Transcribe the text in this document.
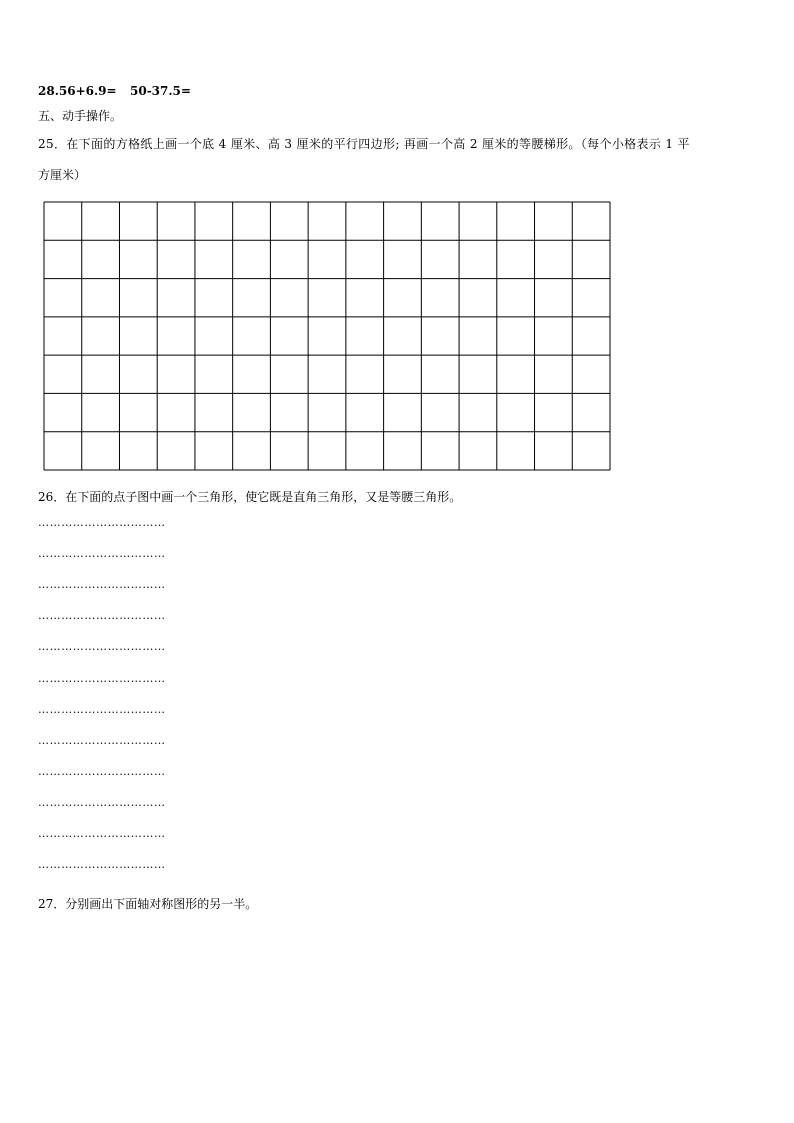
28.56+6.9= 50-37.5=
五、动手操作。
25．在下面的方格纸上画一个底 4 厘米、高 3 厘米的平行四边形; 再画一个高 2 厘米的等腰梯形。（每个小格表示 1 平
方厘米）
26．在下面的点子图中画一个三角形，使它既是直角三角形，又是等腰三角形。
……………………………
……………………………
……………………………
……………………………
……………………………
……………………………
……………………………
……………………………
……………………………
……………………………
……………………………
……………………………
27．分别画出下面轴对称图形的另一半。
